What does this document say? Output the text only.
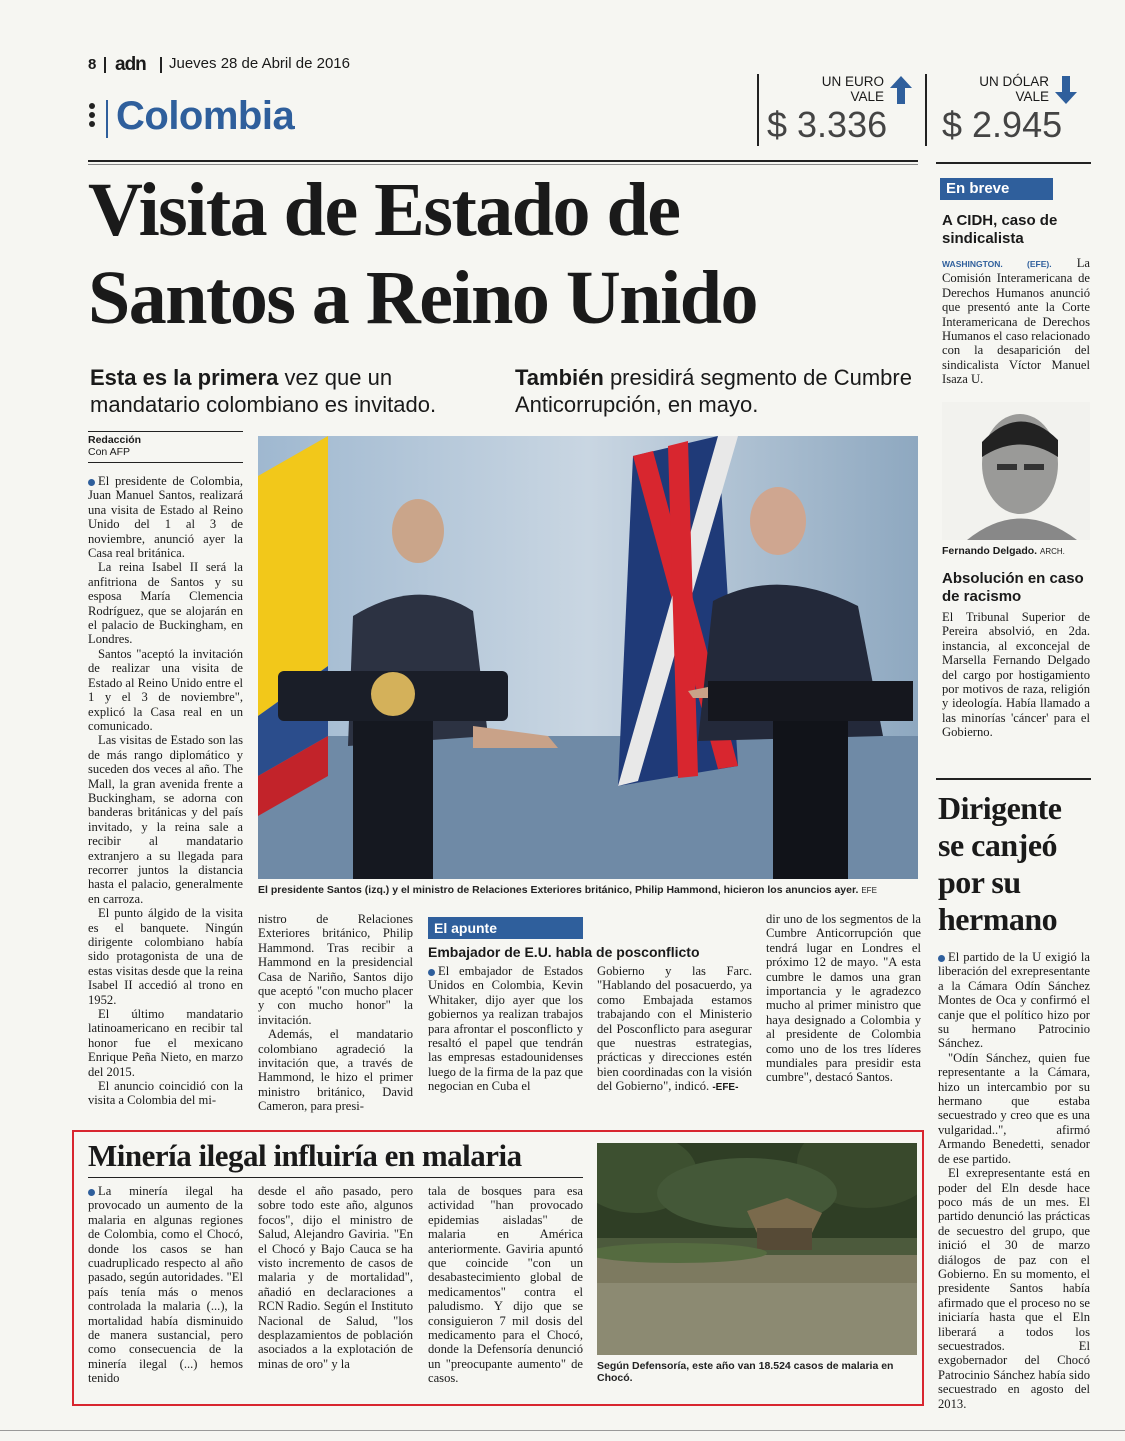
8 adn Jueves 28 de Abril de 2016
Colombia
UN EURO
VALE
$ 3.336
UN DÓLAR
VALE
$ 2.945
Visita de Estado de
Santos a Reino Unido
Esta es la primera vez que un mandatario colombiano es invitado.
También presidirá segmento de Cumbre Anticorrupción, en mayo.
Redacción
Con AFP

El presidente de Colombia, Juan Manuel Santos, realizará una visita de Estado al Reino Unido del 1 al 3 de noviembre, anunció ayer la Casa real británica.

La reina Isabel II será la anfitriona de Santos y su esposa María Clemencia Rodríguez, que se alojarán en el palacio de Buckingham, en Londres.

Santos "aceptó la invitación de realizar una visita de Estado al Reino Unido entre el 1 y el 3 de noviembre", explicó la Casa real en un comunicado.

Las visitas de Estado son las de más rango diplomático y suceden dos veces al año. The Mall, la gran avenida frente a Buckingham, se adorna con banderas británicas y del país invitado, y la reina sale a recibir al mandatario extranjero a su llegada para recorrer juntos la distancia hasta el palacio, generalmente en carroza.

El punto álgido de la visita es el banquete. Ningún dirigente colombiano había sido protagonista de una de estas visitas desde que la reina Isabel II accedió al trono en 1952.

El último mandatario latinoamericano en recibir tal honor fue el mexicano Enrique Peña Nieto, en marzo del 2015.

El anuncio coincidió con la visita a Colombia del mi-

El presidente Santos (izq.) y el ministro de Relaciones Exteriores británico, Philip Hammond, hicieron los anuncios ayer. EFE

nistro de Relaciones Exteriores británico, Philip Hammond. Tras recibir a Hammond en la presidencial Casa de Nariño, Santos dijo que aceptó "con mucho placer y con mucho honor" la invitación.

Además, el mandatario colombiano agradeció la invitación que, a través de Hammond, le hizo el primer ministro británico, David Cameron, para presi-

El apunte
Embajador de E.U. habla de posconflicto

El embajador de Estados Unidos en Colombia, Kevin Whitaker, dijo ayer que los gobiernos ya realizan trabajos para afrontar el posconflicto y resaltó el papel que tendrán las empresas estadounidenses luego de la firma de la paz que negocian en Cuba el

Gobierno y las Farc. "Hablando del posacuerdo, ya como Embajada estamos trabajando con el Ministerio del Posconflicto para asegurar que nuestras estrategias, prácticas y direcciones estén bien coordinadas con la visión del Gobierno", indicó. -EFE-

dir uno de los segmentos de la Cumbre Anticorrupción que tendrá lugar en Londres el próximo 12 de mayo. "A esta cumbre le damos una gran importancia y le agradezco mucho al primer ministro que haya designado a Colombia y al presidente de Colombia como uno de los tres líderes mundiales para presidir esta cumbre", destacó Santos.

En breve
A CIDH, caso de sindicalista

WASHINGTON. (EFE). La Comisión Interamericana de Derechos Humanos anunció que presentó ante la Corte Interamericana de Derechos Humanos el caso relacionado con la desaparición del sindicalista Víctor Manuel Isaza U.

Fernando Delgado. ARCH.
Absolución en caso de racismo

El Tribunal Superior de Pereira absolvió, en 2da. instancia, al exconcejal de Marsella Fernando Delgado del cargo por hostigamiento por motivos de raza, religión y ideología. Había llamado a las minorías 'cáncer' para el Gobierno.

Dirigente se canjeó por su hermano

El partido de la U exigió la liberación del exrepresentante a la Cámara Odín Sánchez Montes de Oca y confirmó el canje que el político hizo por su hermano Patrocinio Sánchez.

"Odín Sánchez, quien fue representante a la Cámara, hizo un intercambio por su hermano que estaba secuestrado y creo que es una vulgaridad..", afirmó Armando Benedetti, senador de ese partido.

El exrepresentante está en poder del Eln desde hace poco más de un mes. El partido denunció las prácticas de secuestro del grupo, que inició el 30 de marzo diálogos de paz con el Gobierno. En su momento, el presidente Santos había afirmado que el proceso no se iniciaría hasta que el Eln liberará a todos los secuestrados. El exgobernador del Chocó Patrocinio Sánchez había sido secuestrado en agosto del 2013.

Minería ilegal influiría en malaria

La minería ilegal ha provocado un aumento de la malaria en algunas regiones de Colombia, como el Chocó, donde los casos se han cuadruplicado respecto al año pasado, según autoridades. "El país tenía más o menos controlada la malaria (...), la mortalidad había disminuido de manera sustancial, pero como consecuencia de la minería ilegal (...) hemos tenido

desde el año pasado, pero sobre todo este año, algunos focos", dijo el ministro de Salud, Alejandro Gaviria. "En el Chocó y Bajo Cauca se ha visto incremento de casos de malaria y de mortalidad", añadió en declaraciones a RCN Radio. Según el Instituto Nacional de Salud, "los desplazamientos de población asociados a la explotación de minas de oro" y la

tala de bosques para esa actividad "han provocado epidemias aisladas" de malaria en América anteriormente. Gaviria apuntó que coincide "con un desabastecimiento global de medicamentos" contra el paludismo. Y dijo que se consiguieron 7 mil dosis del medicamento para el Chocó, donde la Defensoría denunció un "preocupante aumento" de casos.

Según Defensoría, este año van 18.524 casos de malaria en Chocó.
